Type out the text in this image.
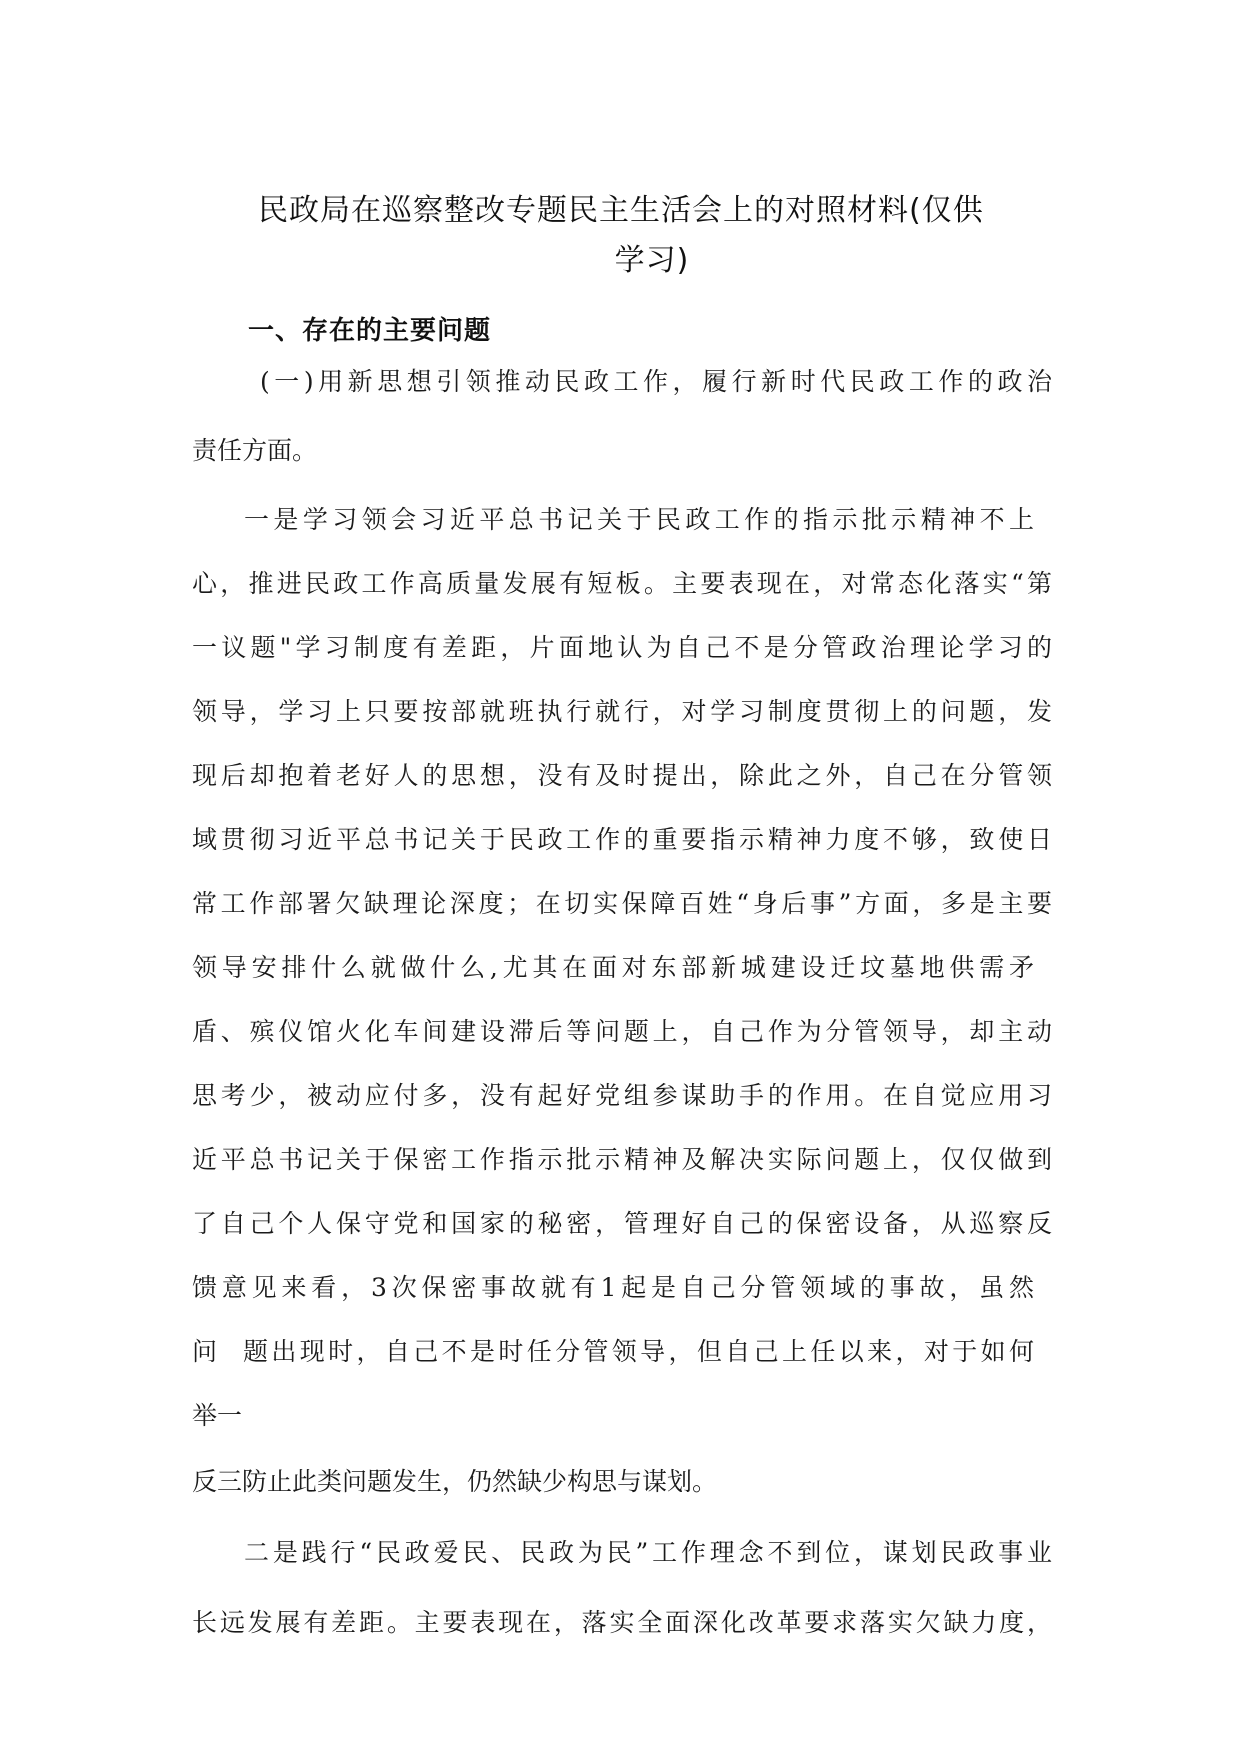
民政局在巡察整改专题民主生活会上的对照材料(仅供
学习)
一、存在的主要问题
(一)用新思想引领推动民政工作，履行新时代民政工作的政治
责任方面。
一是学习领会习近平总书记关于民政工作的指示批示精神不上
心，推进民政工作高质量发展有短板。主要表现在，对常态化落实“第
一议题"学习制度有差距，片面地认为自己不是分管政治理论学习的
领导，学习上只要按部就班执行就行，对学习制度贯彻上的问题，发
现后却抱着老好人的思想，没有及时提出，除此之外，自己在分管领
域贯彻习近平总书记关于民政工作的重要指示精神力度不够，致使日
常工作部署欠缺理论深度；在切实保障百姓“身后事”方面，多是主要
领导安排什么就做什么,尤其在面对东部新城建设迁坟墓地供需矛
盾、殡仪馆火化车间建设滞后等问题上，自己作为分管领导，却主动
思考少，被动应付多，没有起好党组参谋助手的作用。在自觉应用习
近平总书记关于保密工作指示批示精神及解决实际问题上，仅仅做到
了自己个人保守党和国家的秘密，管理好自己的保密设备，从巡察反
馈意见来看，3次保密事故就有1起是自己分管领域的事故，虽然
问  题出现时，自己不是时任分管领导，但自己上任以来，对于如何
举一
反三防止此类问题发生，仍然缺少构思与谋划。
二是践行“民政爱民、民政为民”工作理念不到位，谋划民政事业
长远发展有差距。主要表现在，落实全面深化改革要求落实欠缺力度，
